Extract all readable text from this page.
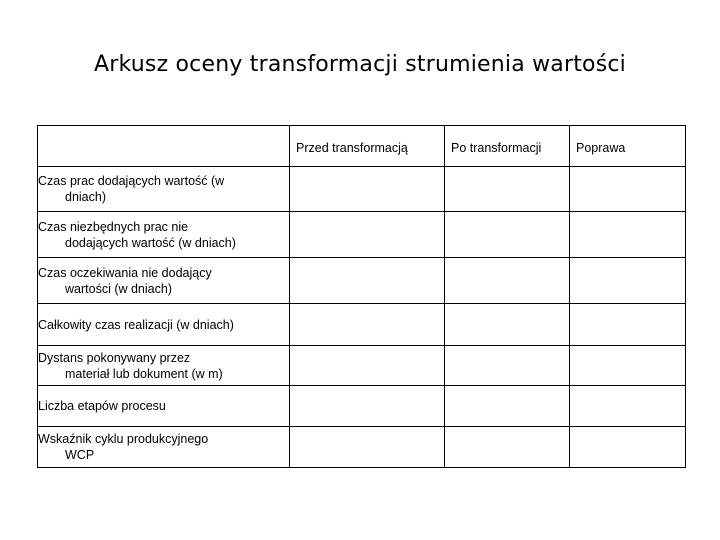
Arkusz oceny transformacji strumienia wartości

	Przed transformacją	Po transformacji	Poprawa

Czas prac dodających wartość (w
dniach)			

Czas niezbędnych prac nie
dodających wartość (w dniach)			

Czas oczekiwania nie dodający
wartości (w dniach)			

Całkowity czas realizacji (w dniach)			

Dystans pokonywany przez
materiał lub dokument (w m)			

Liczba etapów procesu			

Wskaźnik cyklu produkcyjnego
WCP			
